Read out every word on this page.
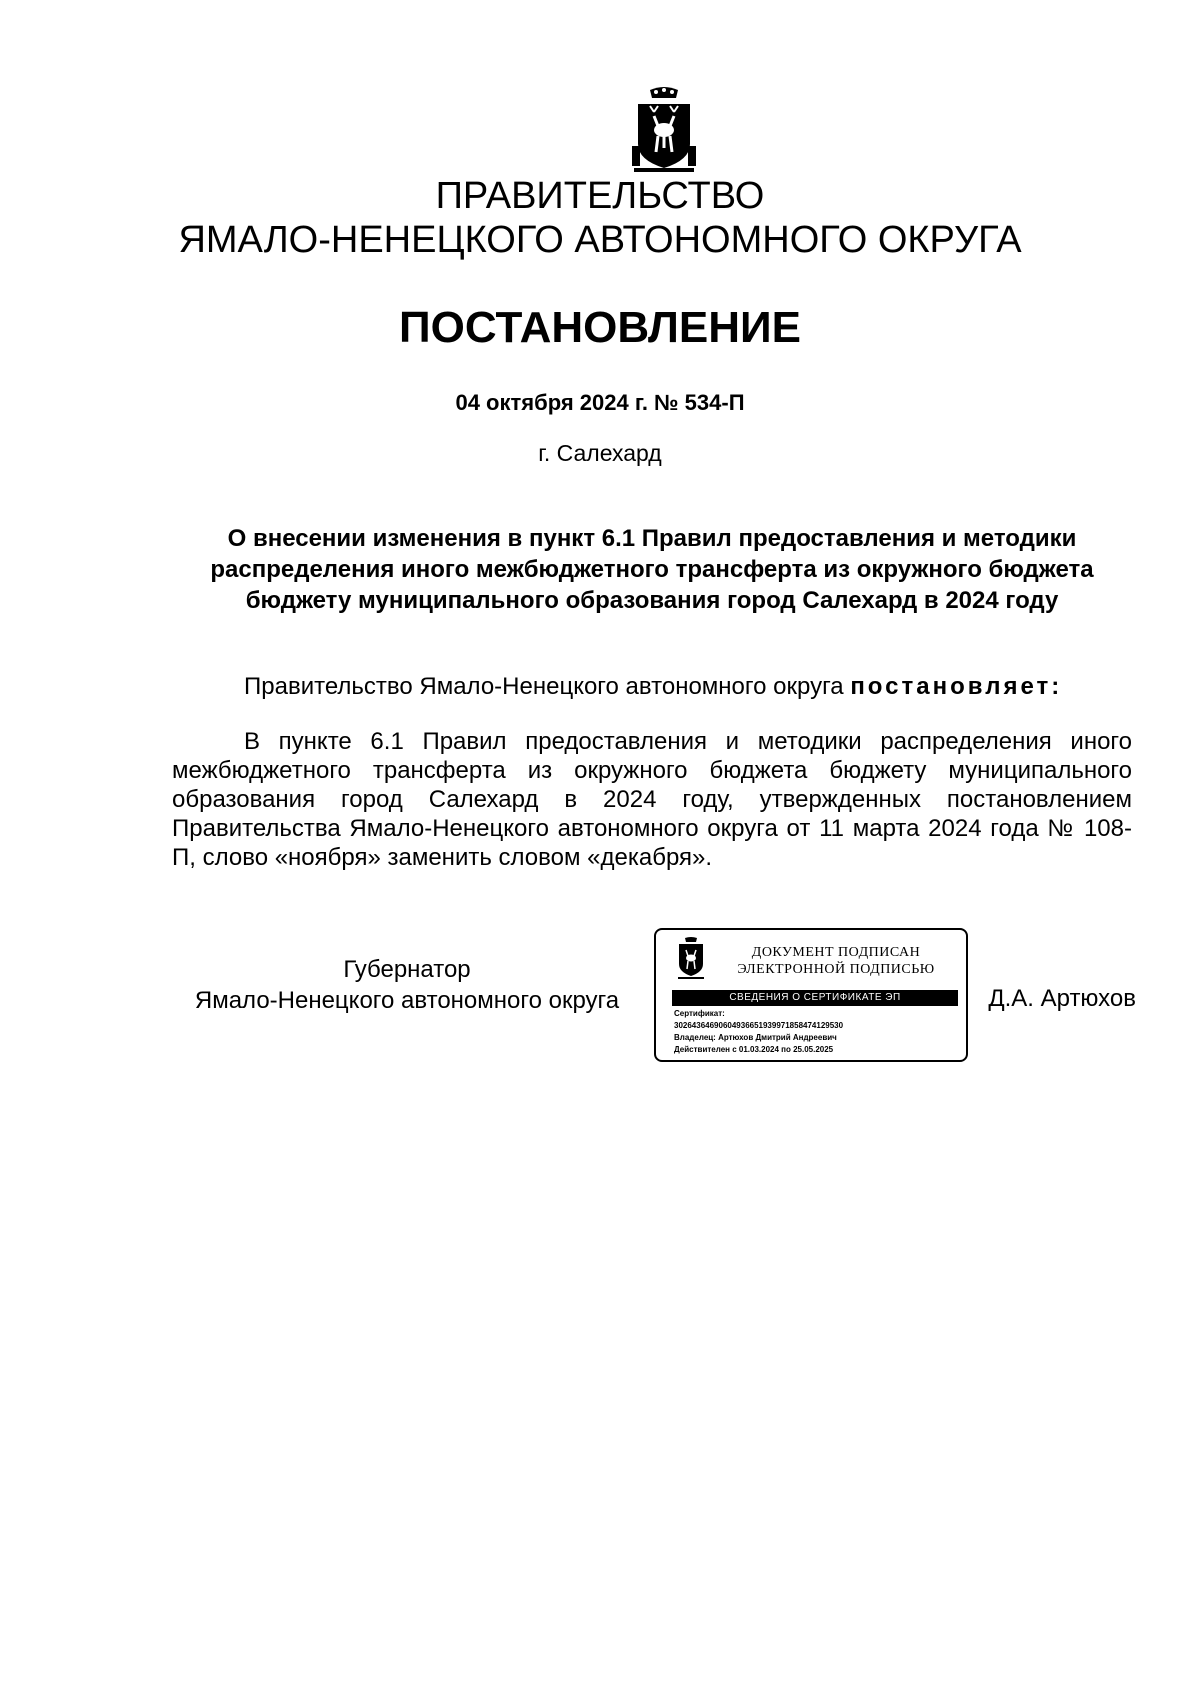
ПРАВИТЕЛЬСТВО
ЯМАЛО-НЕНЕЦКОГО АВТОНОМНОГО ОКРУГА
ПОСТАНОВЛЕНИЕ
04 октября 2024 г. № 534-П
г. Салехард
О внесении изменения в пункт 6.1 Правил предоставления и методики распределения иного межбюджетного трансферта из окружного бюджета бюджету муниципального образования город Салехард в 2024 году
Правительство Ямало-Ненецкого автономного округа постановляет:
В пункте 6.1 Правил предоставления и методики распределения иного межбюджетного трансферта из окружного бюджета бюджету муниципального образования город Салехард в 2024 году, утвержденных постановлением Правительства Ямало-Ненецкого автономного округа от 11 марта 2024 года № 108-П, слово «ноября» заменить словом «декабря».
Губернатор
Ямало-Ненецкого автономного округа
ДОКУМЕНТ ПОДПИСАН
ЭЛЕКТРОННОЙ ПОДПИСЬЮ
СВЕДЕНИЯ О СЕРТИФИКАТЕ ЭП
Сертификат:
30264364690604936651939971858474129530
Владелец: Артюхов Дмитрий Андреевич
Действителен с 01.03.2024 по 25.05.2025
Д.А. Артюхов
